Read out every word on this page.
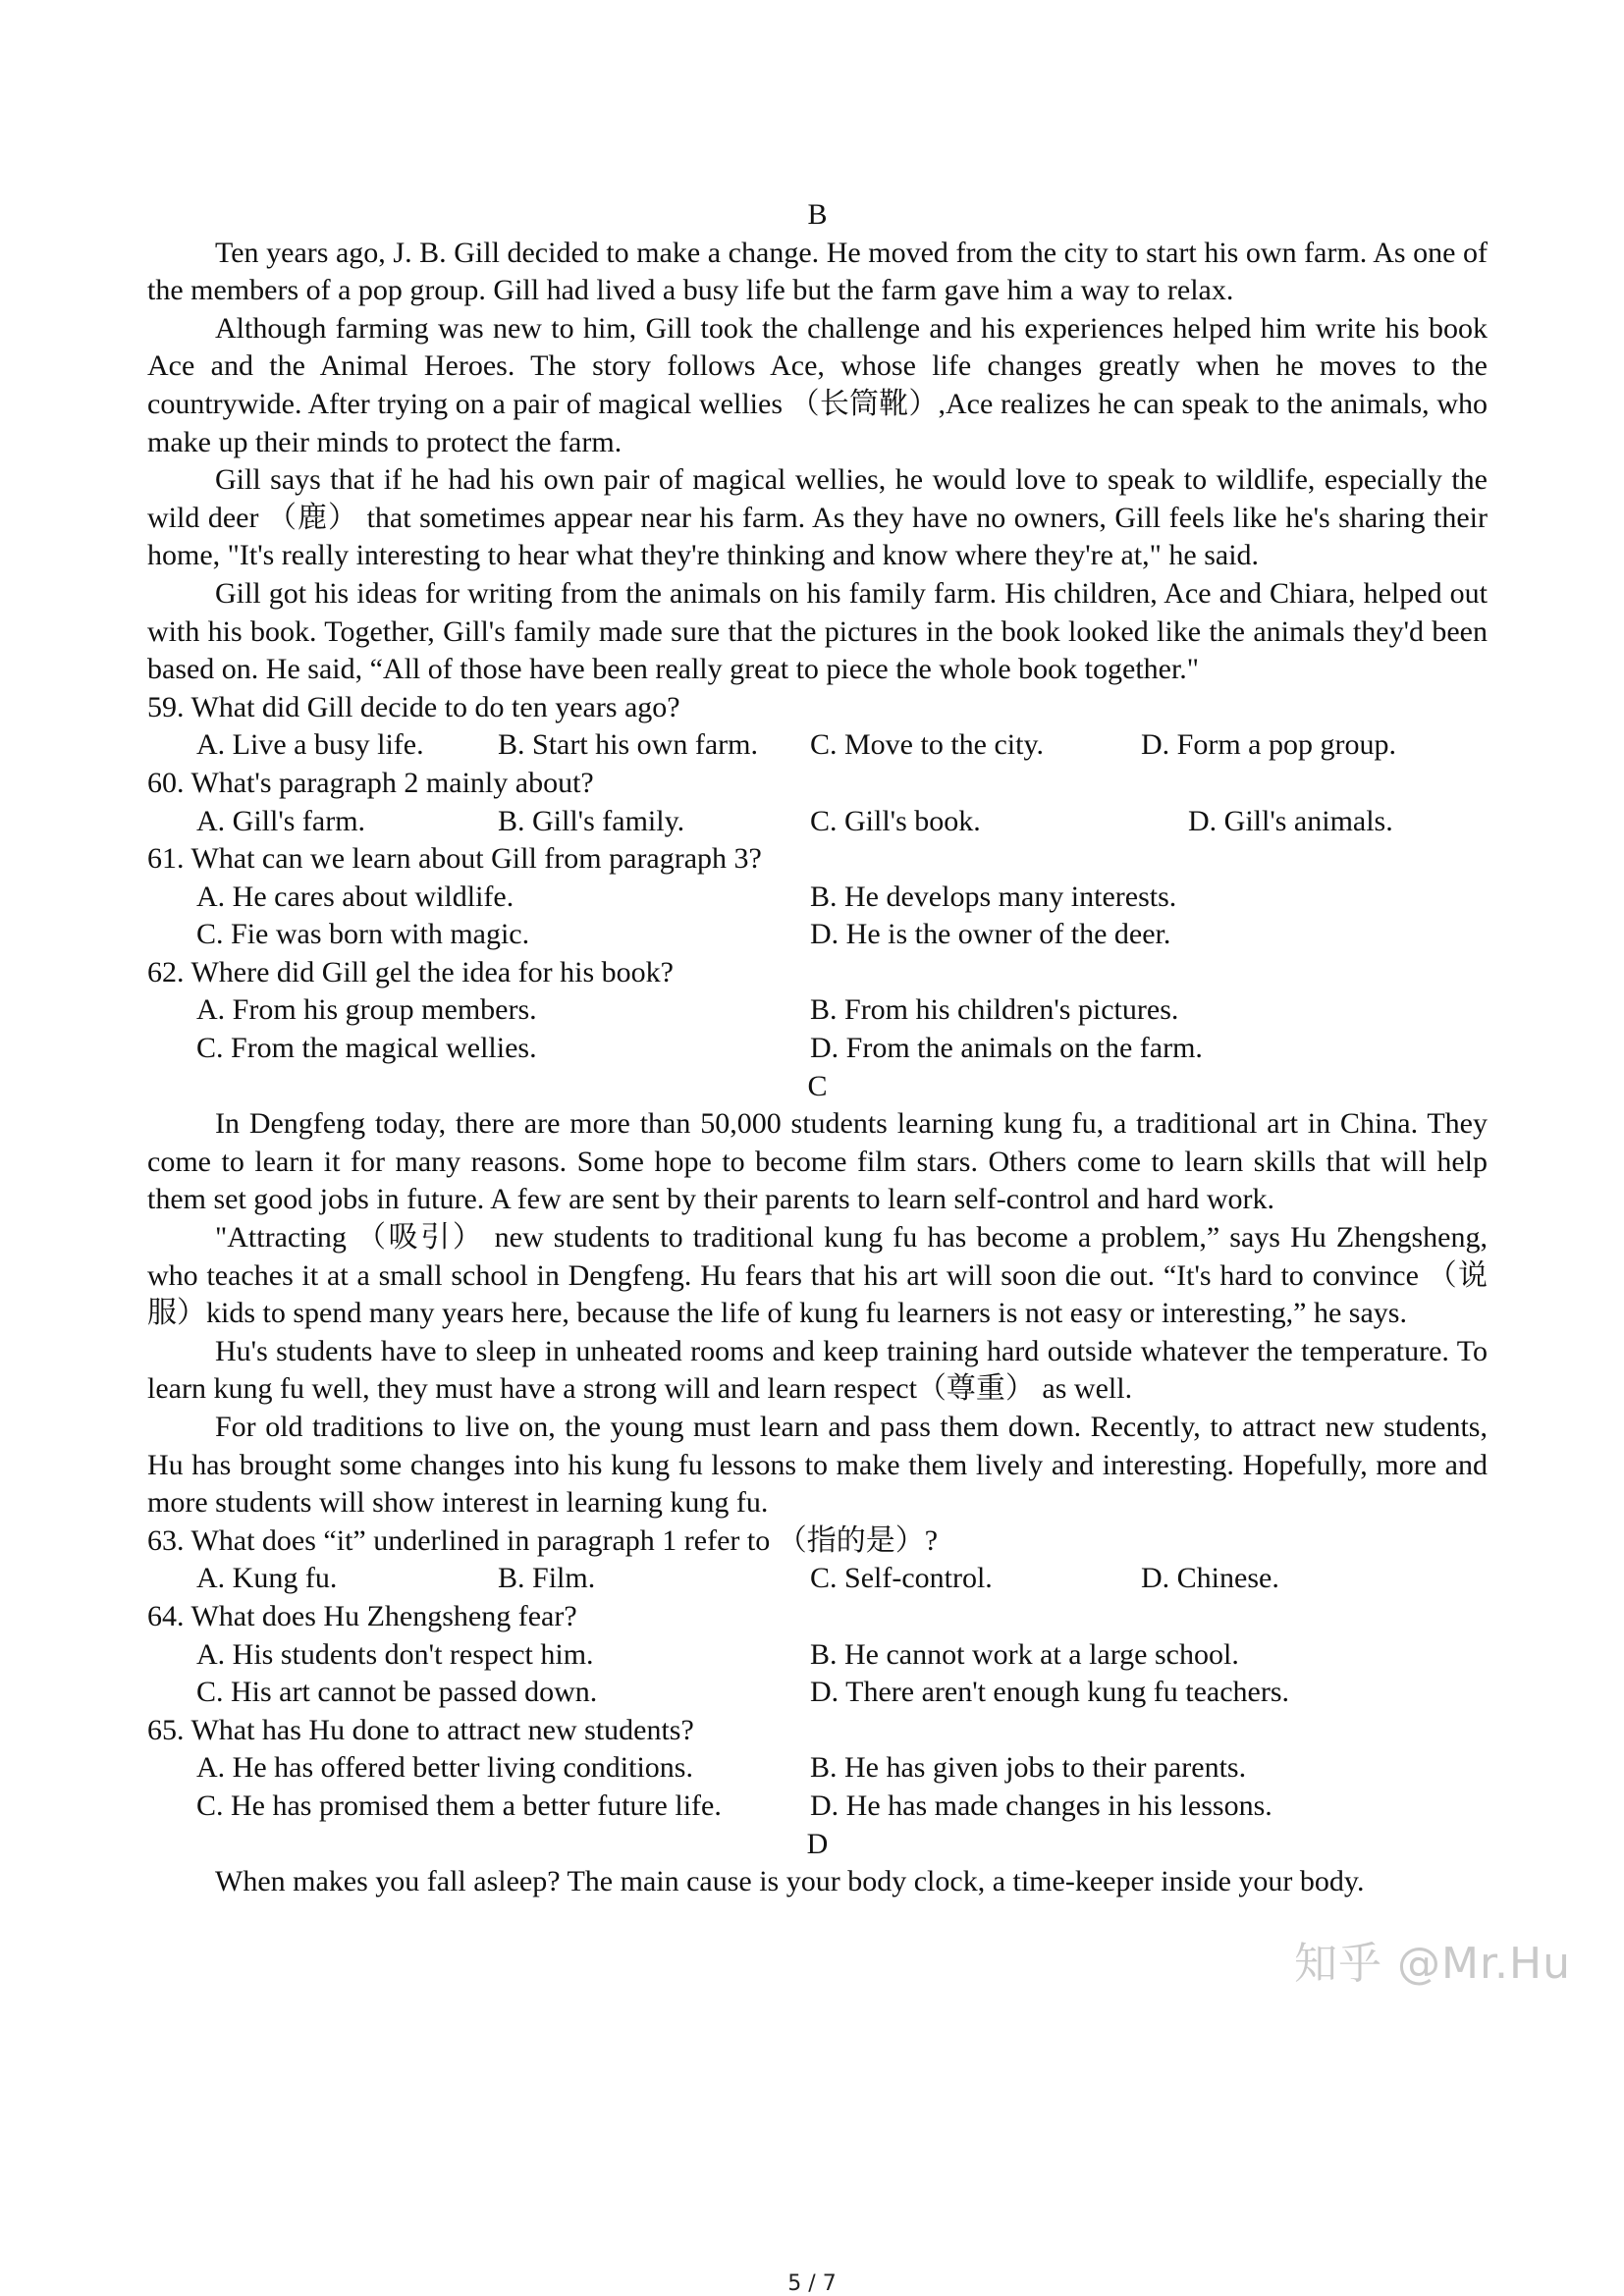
B

Ten years ago, J. B. Gill decided to make a change. He moved from the city to start his own farm. As one of the members of a pop group. Gill had lived a busy life but the farm gave him a way to relax.

Although farming was new to him, Gill took the challenge and his experiences helped him write his book Ace and the Animal Heroes. The story follows Ace, whose life changes greatly when he moves to the countrywide. After trying on a pair of magical wellies （长筒靴）,Ace realizes he can speak to the animals, who make up their minds to protect the farm.

Gill says that if he had his own pair of magical wellies, he would love to speak to wildlife, especially the wild deer （鹿） that sometimes appear near his farm. As they have no owners, Gill feels like he's sharing their home, "It's really interesting to hear what they're thinking and know where they're at," he said.

Gill got his ideas for writing from the animals on his family farm. His children, Ace and Chiara, helped out with his book. Together, Gill's family made sure that the pictures in the book looked like the animals they'd been based on. He said, “All of those have been really great to piece the whole book together."

59. What did Gill decide to do ten years ago?
A. Live a busy life.	B. Start his own farm.	C. Move to the city.	D. Form a pop group.
60. What's paragraph 2 mainly about?
A. Gill's farm.	B. Gill's family.	C. Gill's book.	D. Gill's animals.
61. What can we learn about Gill from paragraph 3?
A. He cares about wildlife.	B. He develops many interests.
C. Fie was born with magic.	D. He is the owner of the deer.
62. Where did Gill gel the idea for his book?
A. From his group members.	B. From his children's pictures.
C. From the magical wellies.	D. From the animals on the farm.
C

In Dengfeng today, there are more than 50,000 students learning kung fu, a traditional art in China. They come to learn it for many reasons. Some hope to become film stars. Others come to learn skills that will help them set good jobs in future. A few are sent by their parents to learn self-control and hard work.

"Attracting （吸引） new students to traditional kung fu has become a problem,” says Hu Zhengsheng, who teaches it at a small school in Dengfeng. Hu fears that his art will soon die out. “It's hard to convince （说服）kids to spend many years here, because the life of kung fu learners is not easy or interesting,” he says.

Hu's students have to sleep in unheated rooms and keep training hard outside whatever the temperature. To learn kung fu well, they must have a strong will and learn respect（尊重） as well.

For old traditions to live on, the young must learn and pass them down. Recently, to attract new students, Hu has brought some changes into his kung fu lessons to make them lively and interesting. Hopefully, more and more students will show interest in learning kung fu.

63. What does “it” underlined in paragraph 1 refer to （指的是）?
A. Kung fu.	B. Film.	C. Self-control.	D. Chinese.
64. What does Hu Zhengsheng fear?
A. His students don't respect him.	B. He cannot work at a large school.
C. His art cannot be passed down.	D. There aren't enough kung fu teachers.
65. What has Hu done to attract new students?
A. He has offered better living conditions.	B. He has given jobs to their parents.
C. He has promised them a better future life.	D. He has made changes in his lessons.
D

When makes you fall asleep? The main cause is your body clock, a time-keeper inside your body.

知乎 @Mr.Hu
5 / 7
